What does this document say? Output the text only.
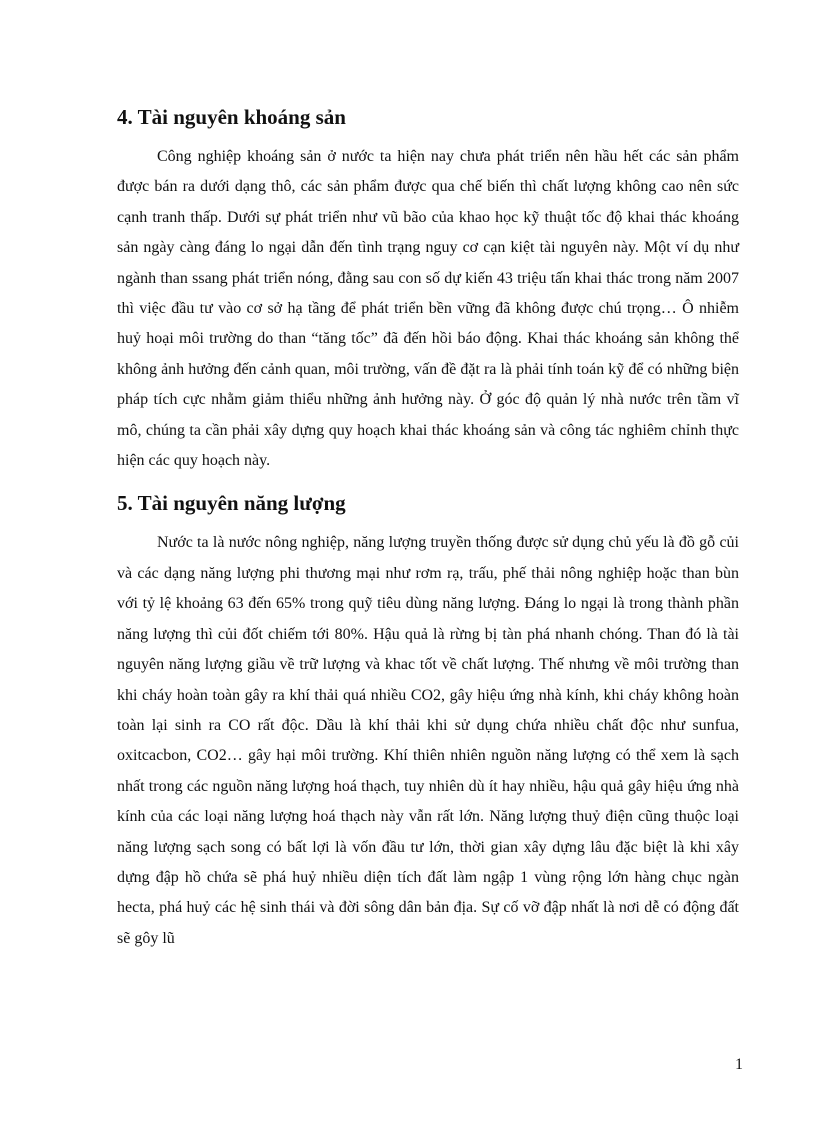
4. Tài nguyên khoáng sản

Công nghiệp khoáng sản ở nước ta hiện nay chưa phát triển nên hầu hết các sản phẩm được bán ra dưới dạng thô, các sản phẩm được qua chế biến thì chất lượng không cao nên sức cạnh tranh thấp. Dưới sự phát triển như vũ bão của khao học kỹ thuật tốc độ khai thác khoáng sản ngày càng đáng lo ngại dẫn đến tình trạng nguy cơ cạn kiệt tài nguyên này. Một ví dụ như ngành than ssang phát triển nóng, đằng sau con số dự kiến 43 triệu tấn khai thác trong năm 2007 thì việc đầu tư vào cơ sở hạ tầng để phát triển bền vững đã không được chú trọng… Ô nhiễm huỷ hoại môi trường do than “tăng tốc” đã đến hồi báo động. Khai thác khoáng sản không thể không ảnh hưởng đến cảnh quan, môi trường, vấn đề đặt ra là phải tính toán kỹ để có những biện pháp tích cực nhằm giảm thiểu những ảnh hưởng này. Ở góc độ quản lý nhà nước trên tầm vĩ mô, chúng ta cần phải xây dựng quy hoạch khai thác khoáng sản và công tác nghiêm chỉnh thực hiện các quy hoạch này.

5. Tài nguyên năng lượng

Nước ta là nước nông nghiệp, năng lượng truyền thống được sử dụng chủ yếu là đồ gỗ củi và các dạng năng lượng phi thương mại như rơm rạ, trấu, phế thải nông nghiệp hoặc than bùn với tỷ lệ khoảng 63 đến 65% trong quỹ tiêu dùng năng lượng. Đáng lo ngại là trong thành phần năng lượng thì củi đốt chiếm tới 80%. Hậu quả là rừng bị tàn phá nhanh chóng. Than đó là tài nguyên năng lượng giầu về trữ lượng và khac tốt về chất lượng. Thế nhưng về môi trường than khi cháy hoàn toàn gây ra khí thải quá nhiều CO2, gây hiệu ứng nhà kính, khi cháy không hoàn toàn lại sinh ra CO rất độc. Dầu là khí thải khi sử dụng chứa nhiều chất độc như sunfua, oxitcacbon, CO2… gây hại môi trường. Khí thiên nhiên nguồn năng lượng có thể xem là sạch nhất trong các nguồn năng lượng hoá thạch, tuy nhiên dù ít hay nhiều, hậu quả gây hiệu ứng nhà kính của các loại năng lượng hoá thạch này vẫn rất lớn. Năng lượng thuỷ điện cũng thuộc loại năng lượng sạch song có bất lợi là vốn đầu tư lớn, thời gian xây dựng lâu đặc biệt là khi xây dựng đập hồ chứa sẽ phá huỷ nhiều diện tích đất làm ngập 1 vùng rộng lớn hàng chục ngàn hecta, phá huỷ các hệ sinh thái và đời sông dân bản địa. Sự cố vỡ đập nhất là nơi dễ có động đất sẽ gôy lũ

1
